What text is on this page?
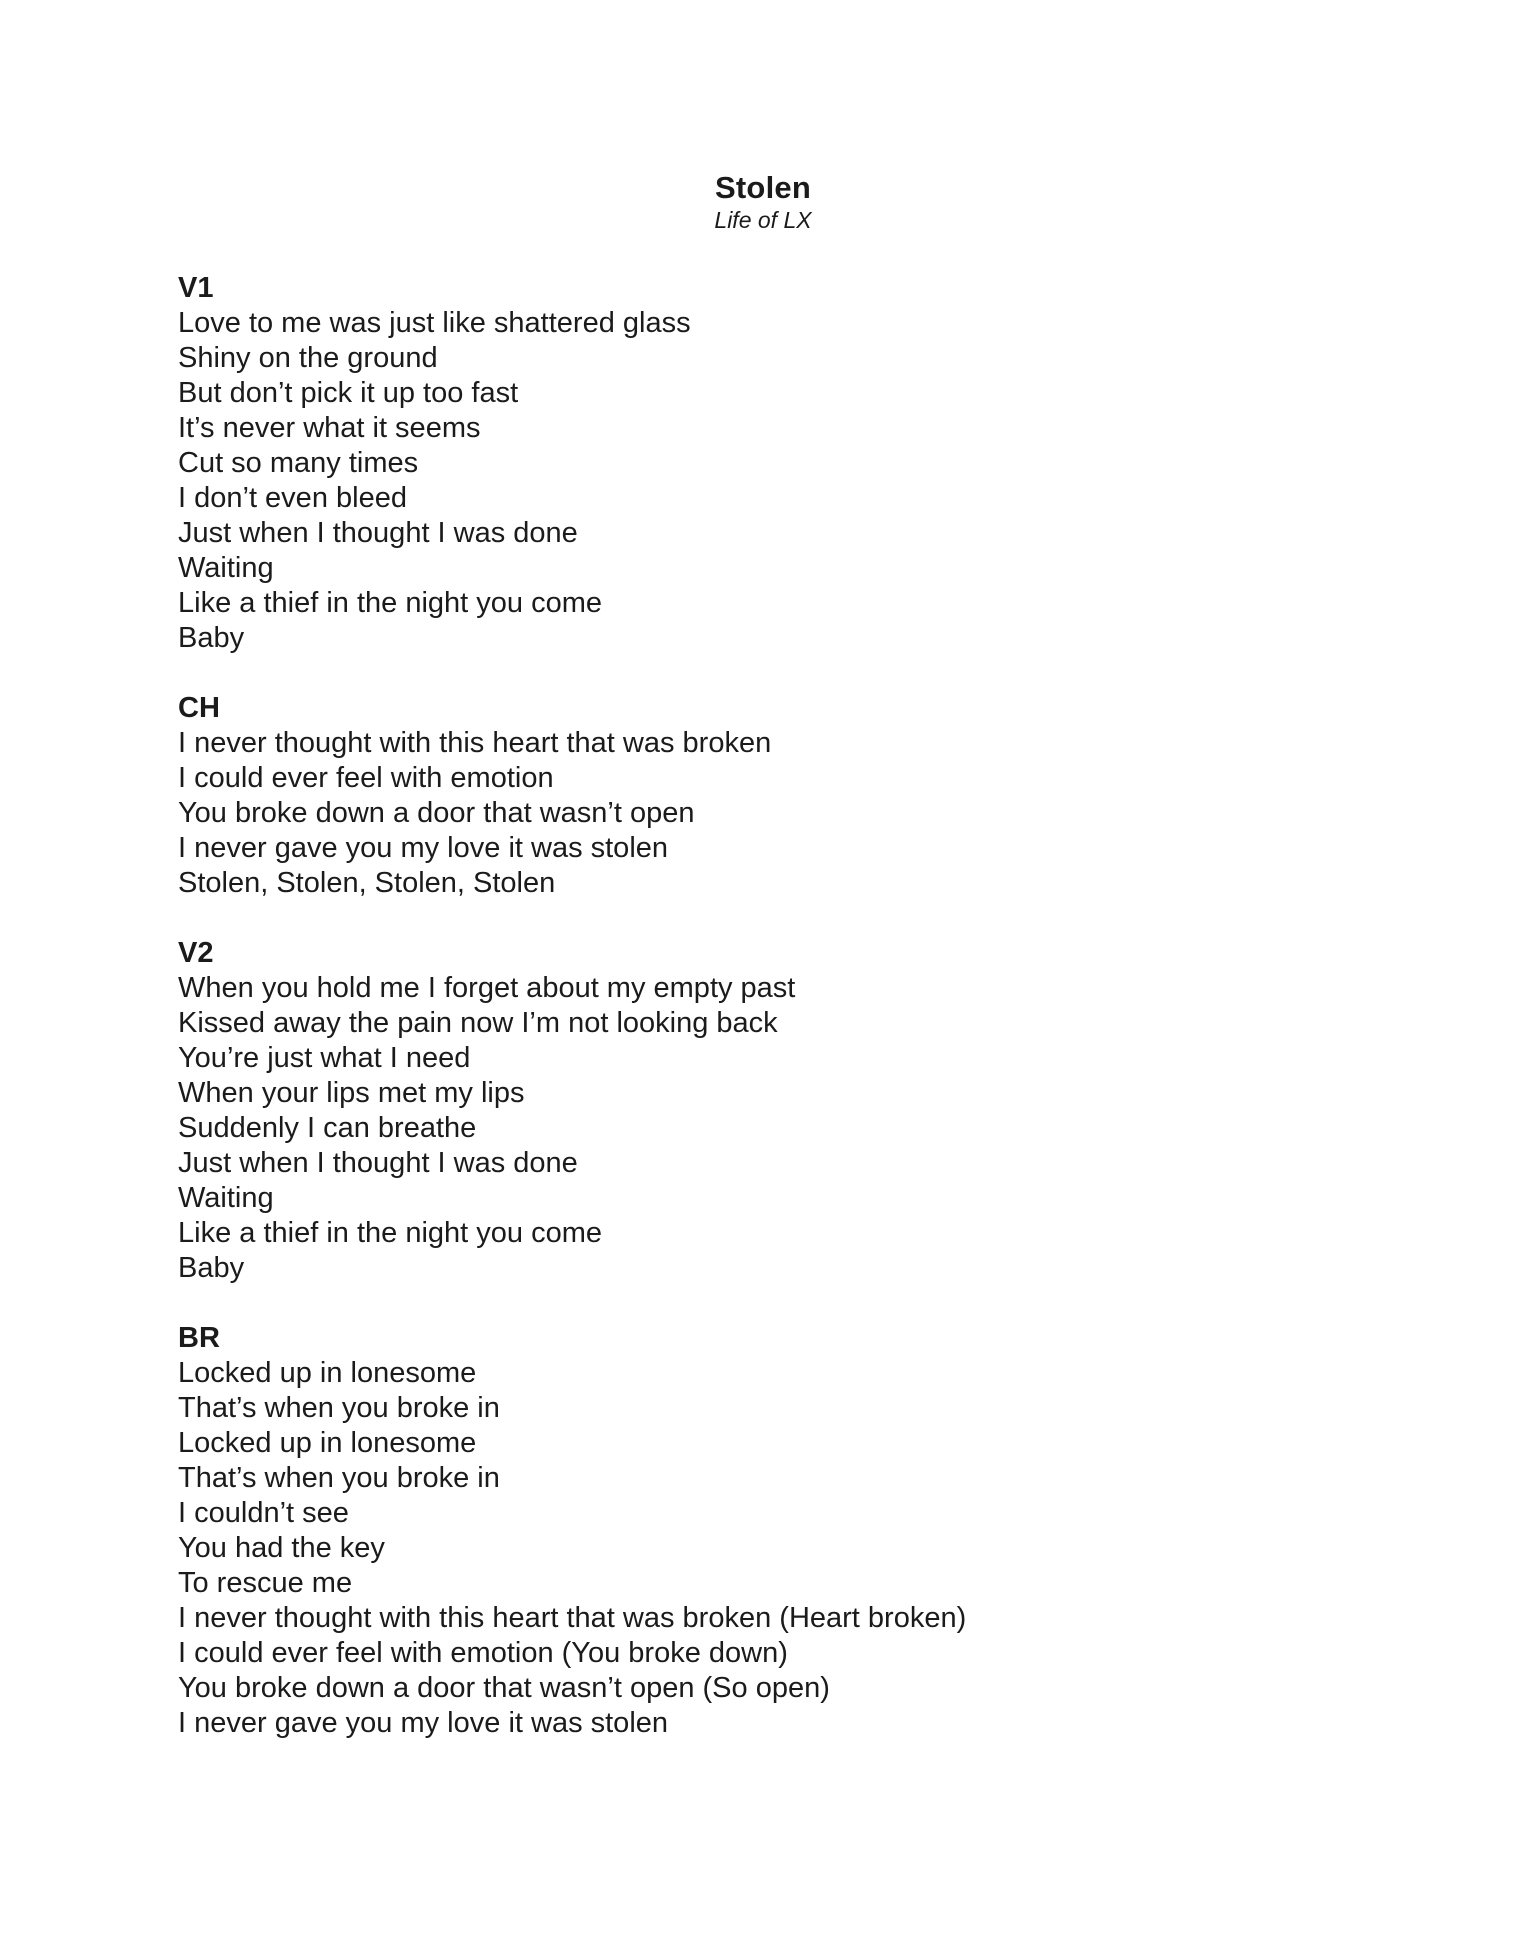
Stolen
Life of LX
V1
Love to me was just like shattered glass
Shiny on the ground
But don’t pick it up too fast
It’s never what it seems
Cut so many times
I don’t even bleed
Just when I thought I was done
Waiting
Like a thief in the night you come
Baby
CH
I never thought with this heart that was broken
I could ever feel with emotion
You broke down a door that wasn’t open
I never gave you my love it was stolen
Stolen, Stolen, Stolen, Stolen
V2
When you hold me I forget about my empty past
Kissed away the pain now I’m not looking back
You’re just what I need
When your lips met my lips
Suddenly I can breathe
Just when I thought I was done
Waiting
Like a thief in the night you come
Baby
BR
Locked up in lonesome
That’s when you broke in
Locked up in lonesome
That’s when you broke in
I couldn’t see
You had the key
To rescue me
I never thought with this heart that was broken (Heart broken)
I could ever feel with emotion (You broke down)
You broke down a door that wasn’t open (So open)
I never gave you my love it was stolen
